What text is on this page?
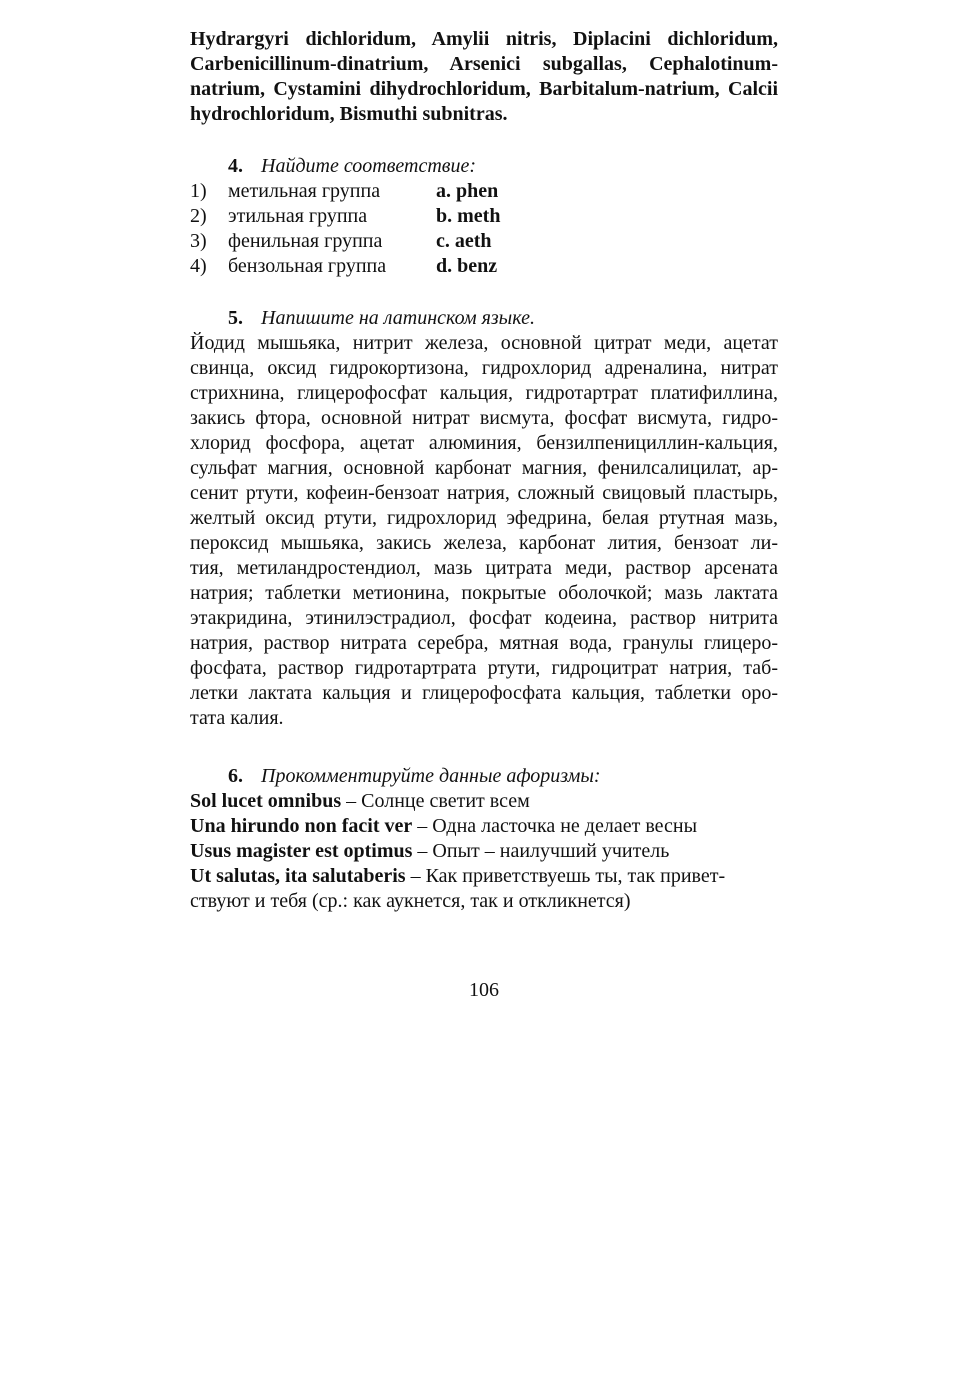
Hydrargyri dichloridum, Amylii nitris, Diplacini dichloridum,
Carbenicillinum-dinatrium, Arsenici subgallas, Cephalotinum-
natrium, Cystamini dihydrochloridum, Barbitalum-natrium, Calcii
hydrochloridum, Bismuthi subnitras.
4. Найдите соответствие:
1) метильная группа	a. phen
2) этильная группа	b. meth
3) фенильная группа	c. aeth
4) бензольная группа d. benz
5. Напишите на латинском языке.
Йодид мышьяка, нитрит железа, основной цитрат меди, ацетат
свинца, оксид гидрокортизона, гидрохлорид адреналина, нитрат
стрихнина, глицерофосфат кальция, гидротартрат платифиллина,
закись фтора, основной нитрат висмута, фосфат висмута, гидро-
хлорид фосфора, ацетат алюминия, бензилпенициллин-кальция,
сульфат магния, основной карбонат магния, фенилсалицилат, ар-
сенит ртути, кофеин-бензоат натрия, сложный свицовый пластырь,
желтый оксид ртути, гидрохлорид эфедрина, белая ртутная мазь,
пероксид мышьяка, закись железа, карбонат лития, бензоат ли-
тия, метиландростендиол, мазь цитрата меди, раствор арсената
натрия; таблетки метионина, покрытые оболочкой; мазь лактата
этакридина, этинилэстрадиол, фосфат кодеина, раствор нитрита
натрия, раствор нитрата серебра, мятная вода, гранулы глицеро-
фосфата, раствор гидротартрата ртути, гидроцитрат натрия, таб-
летки лактата кальция и глицерофосфата кальция, таблетки оро-
тата калия.
6. Прокомментируйте данные афоризмы:
Sol lucet omnibus – Солнце светит всем
Una hirundo non facit ver – Одна ласточка не делает весны
Usus magister est optimus – Опыт – наилучший учитель
Ut salutas, ita salutaberis – Как приветствуешь ты, так привет-
ствуют и тебя (ср.: как аукнется, так и откликнется)
106
